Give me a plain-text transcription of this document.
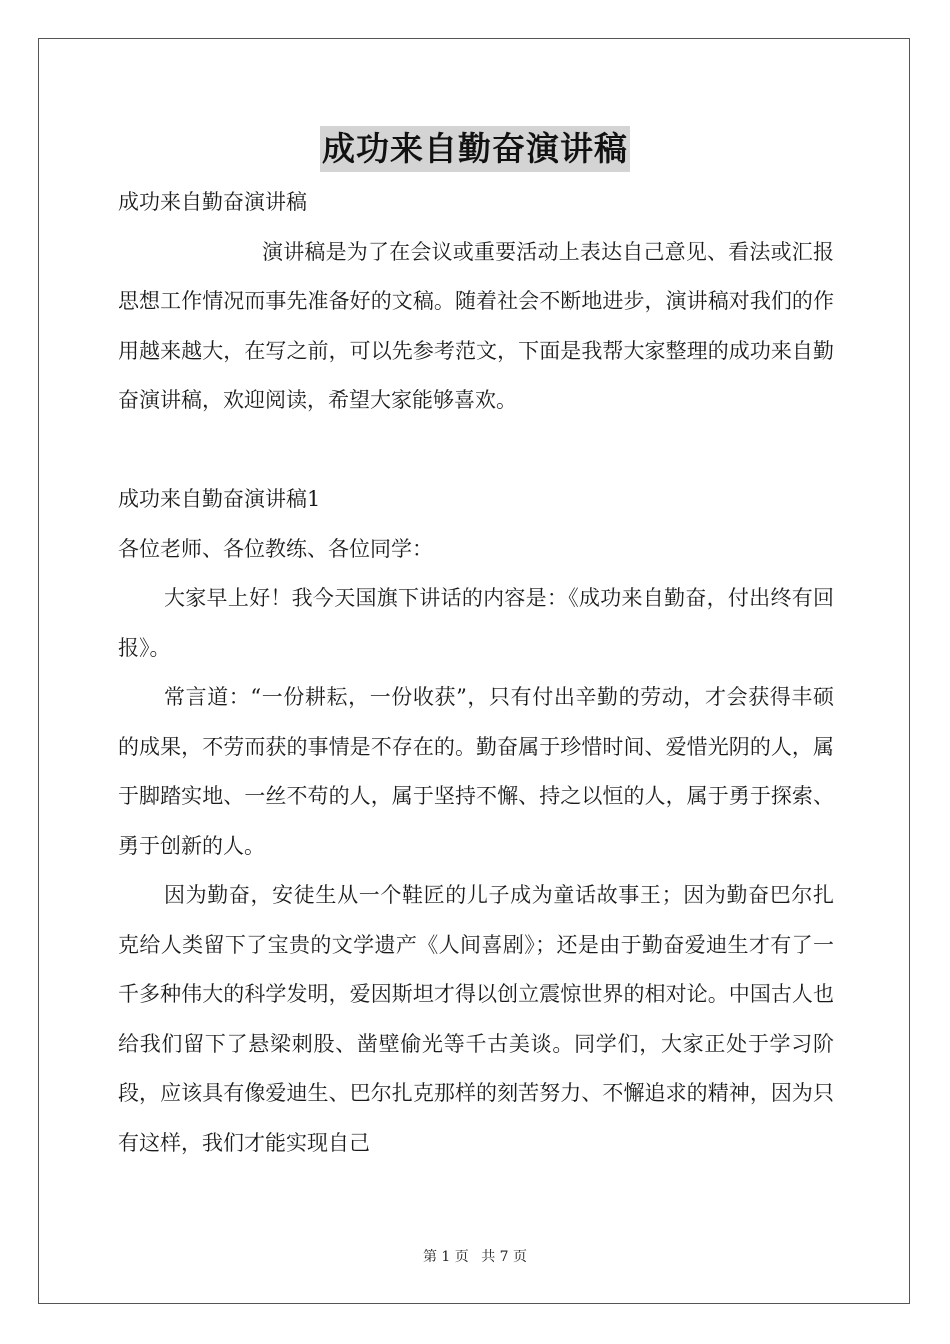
成功来自勤奋演讲稿

成功来自勤奋演讲稿

演讲稿是为了在会议或重要活动上表达自己意见、看法或汇报思想工作情况而事先准备好的文稿。随着社会不断地进步，演讲稿对我们的作用越来越大，在写之前，可以先参考范文，下面是我帮大家整理的成功来自勤奋演讲稿，欢迎阅读，希望大家能够喜欢。

成功来自勤奋演讲稿1

各位老师、各位教练、各位同学：

大家早上好！我今天国旗下讲话的内容是：《成功来自勤奋，付出终有回报》。

常言道：“一份耕耘，一份收获”，只有付出辛勤的劳动，才会获得丰硕的成果，不劳而获的事情是不存在的。勤奋属于珍惜时间、爱惜光阴的人，属于脚踏实地、一丝不苟的人，属于坚持不懈、持之以恒的人，属于勇于探索、勇于创新的人。

因为勤奋，安徒生从一个鞋匠的儿子成为童话故事王；因为勤奋巴尔扎克给人类留下了宝贵的文学遗产《人间喜剧》；还是由于勤奋爱迪生才有了一千多种伟大的科学发明，爱因斯坦才得以创立震惊世界的相对论。中国古人也给我们留下了悬梁刺股、凿壁偷光等千古美谈。同学们，大家正处于学习阶段，应该具有像爱迪生、巴尔扎克那样的刻苦努力、不懈追求的精神，因为只有这样，我们才能实现自己

第 1 页 共 7 页
